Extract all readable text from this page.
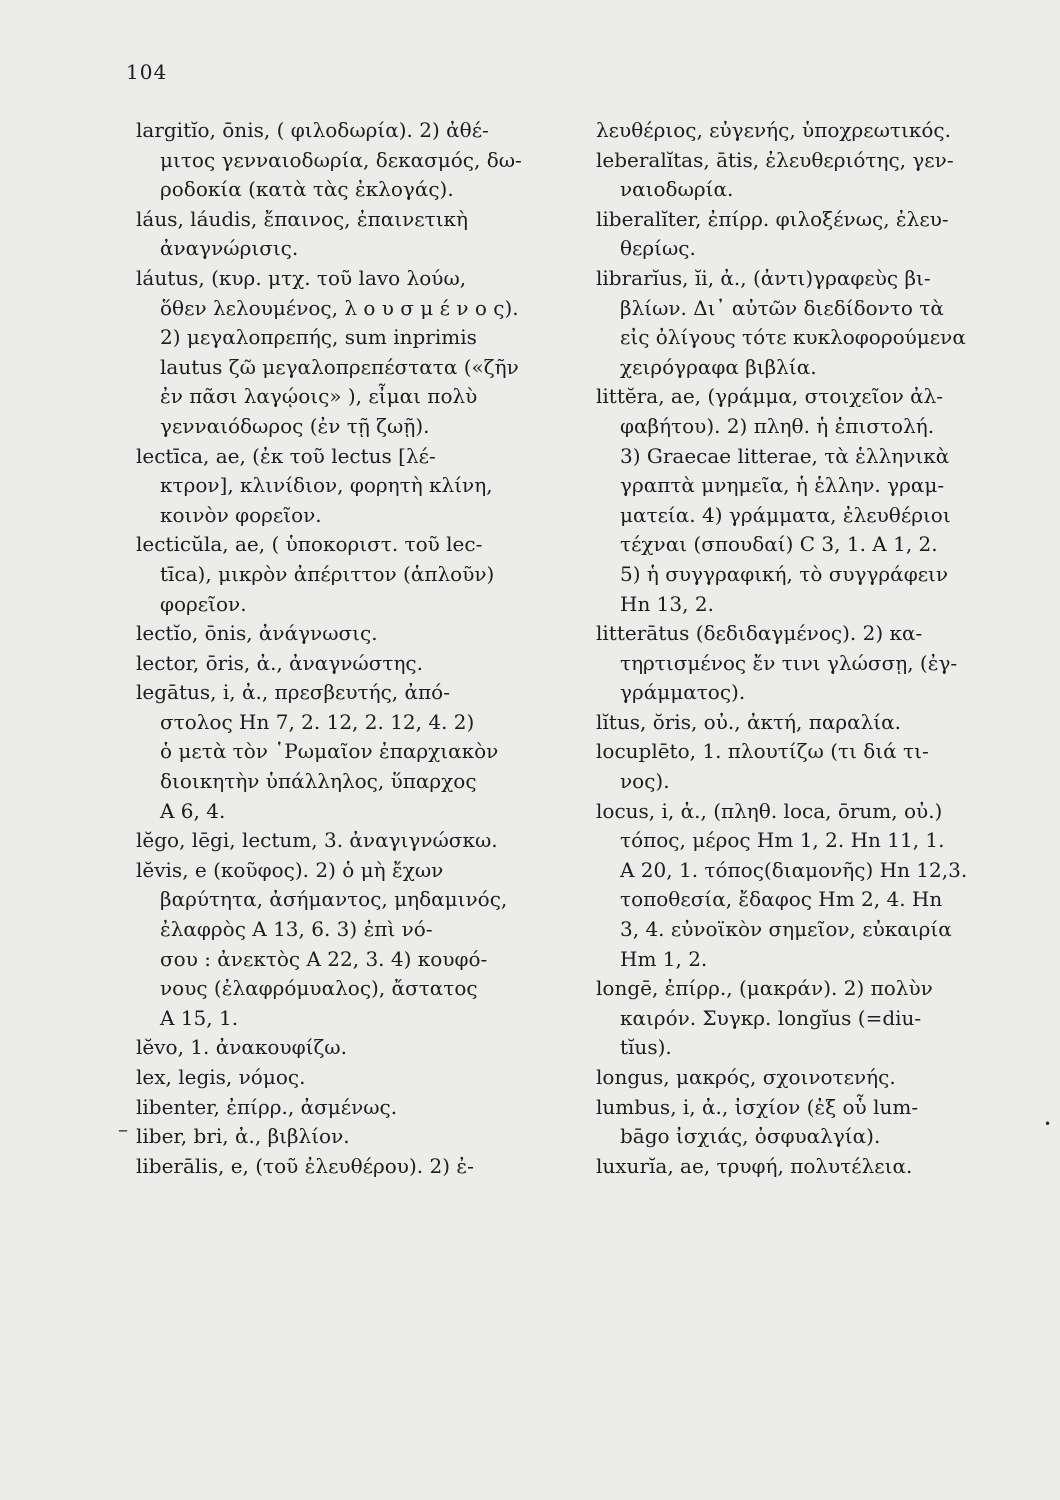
104
largitĭo, ōnis, ( φιλοδωρία). 2) ἀθέ-
μιτος γενναιοδωρία, δεκασμός, δω-
ροδοκία (κατὰ τὰς ἐκλογάς).
láus, láudis, ἔπαινος, ἐπαινετικὴ
ἀναγνώρισις.
láutus, (κυρ. μτχ. τοῦ lavo λούω,
ὅθεν λελουμένος, λ ο υ σ μ έ ν ο ς).
2) μεγαλοπρεπής, sum inprimis
lautus ζῶ μεγαλοπρεπέστατα («ζῆν
ἐν πᾶσι λαγῴοις» ), εἶμαι πολὺ
γενναιόδωρος (ἐν τῇ ζωῇ).
lectīca, ae, (ἐκ τοῦ lectus [λέ-
κτρον], κλινίδιον, φορητὴ κλίνη,
κοινὸν φορεῖον.
lecticŭla, ae, ( ὑποκοριστ. τοῦ lec-
tīca), μικρὸν ἀπέριττον (ἁπλοῦν)
φορεῖον.
lectĭo, ōnis, ἀνάγνωσις.
lector, ōris, ἀ., ἀναγνώστης.
legātus, i, ἀ., πρεσβευτής, ἀπό-
στολος Hn 7, 2. 12, 2. 12, 4. 2)
ὁ μετὰ τὸν ῾Ρωμαῖον ἐπαρχιακὸν
διοικητὴν ὑπάλληλος, ὕπαρχος
A 6, 4.
lĕgo, lēgi, lectum, 3. ἀναγιγνώσκω.
lĕvis, e (κοῦφος). 2) ὁ μὴ ἔχων
βαρύτητα, ἀσήμαντος, μηδαμινός,
ἐλαφρὸς A 13, 6. 3) ἐπὶ νό-
σου : ἀνεκτὸς A 22, 3. 4) κουφό-
νους (ἐλαφρόμυαλος), ἄστατος
A 15, 1.
lĕvo, 1. ἀνακουφίζω.
lex, legis, νόμος.
libenter, ἐπίρρ., ἀσμένως.
liber, bri, ἀ., βιβλίον.
liberālis, e, (τοῦ ἐλευθέρου). 2) ἐ-
λευθέριος, εὐγενής, ὑποχρεωτικός.
leberalĭtas, ātis, ἐλευθεριότης, γεν-
ναιοδωρία.
liberalĭter, ἐπίρρ. φιλοξένως, ἐλευ-
θερίως.
librarĭus, ĭi, ἀ., (ἀντι)γραφεὺς βι-
βλίων. Δι᾽ αὐτῶν διεδίδοντο τὰ
εἰς ὀλίγους τότε κυκλοφορούμενα
χειρόγραφα βιβλία.
littĕra, ae, (γράμμα, στοιχεῖον ἀλ-
φαβήτου). 2) πληθ. ἡ ἐπιστολή.
3) Graecae litterae, τὰ ἑλληνικὰ
γραπτὰ μνημεῖα, ἡ ἑλλην. γραμ-
ματεία. 4) γράμματα, ἐλευθέριοι
τέχναι (σπουδαί) C 3, 1. A 1, 2.
5) ἡ συγγραφική, τὸ συγγράφειν
Hn 13, 2.
litterātus (δεδιδαγμένος). 2) κα-
τηρτισμένος ἔν τινι γλώσσῃ, (ἐγ-
γράμματος).
lĭtus, ŏris, οὐ., ἀκτή, παραλία.
locuplēto, 1. πλουτίζω (τι διά τι-
νος).
locus, i, ἀ., (πληθ. loca, ōrum, οὐ.)
τόπος, μέρος Hm 1, 2. Hn 11, 1.
A 20, 1. τόπος(διαμονῆς) Hn 12,3.
τοποθεσία, ἔδαφος Hm 2, 4. Hn
3, 4. εὐνοϊκὸν σημεῖον, εὐκαιρία
Hm 1, 2.
longē, ἐπίρρ., (μακράν). 2) πολὺν
καιρόν. Συγκρ. longĭus (=diu-
tĭus).
longus, μακρός, σχοινοτενής.
lumbus, i, ἀ., ἰσχίον (ἐξ οὗ lum-
bāgo ἰσχιάς, ὀσφυαλγία).
luxurĭa, ae, τρυφή, πολυτέλεια.
–	•
